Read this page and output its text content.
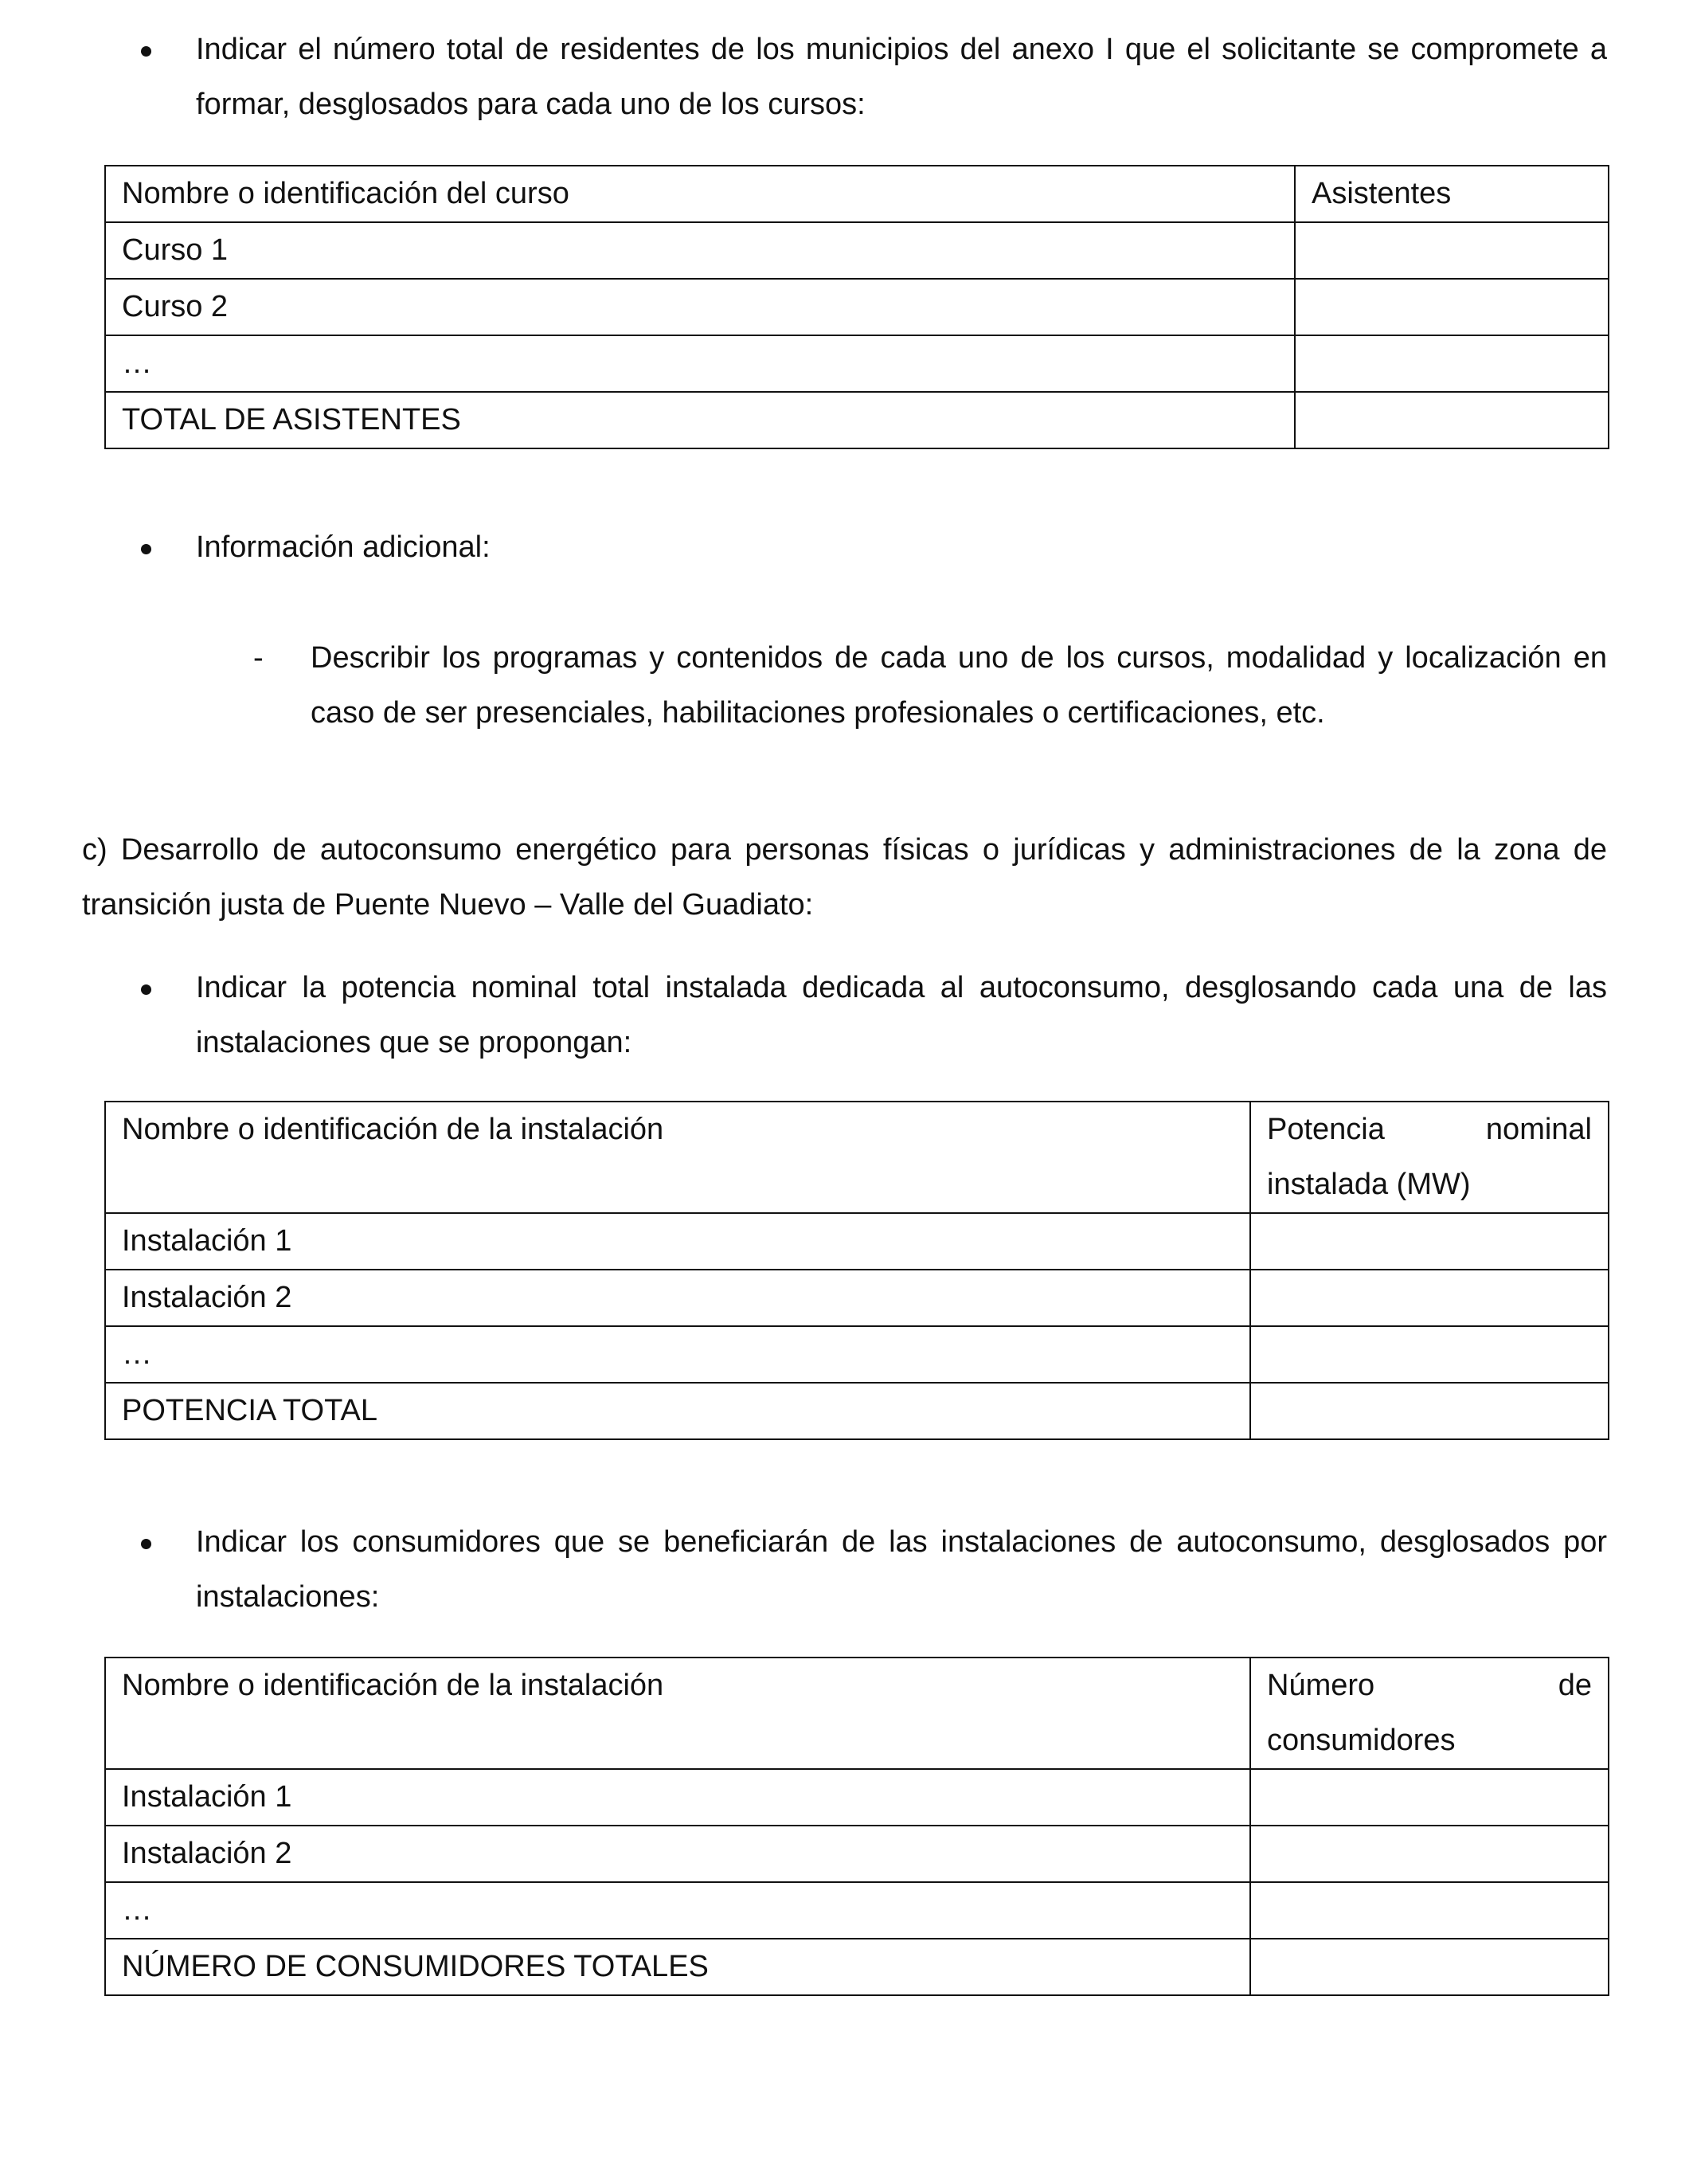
Indicar el número total de residentes de los municipios del anexo I que el solicitante se compromete a formar, desglosados para cada uno de los cursos:
Nombre o identificación del curso	Asistentes
Curso 1	
Curso 2	
…	
TOTAL DE ASISTENTES	
Información adicional:
- Describir los programas y contenidos de cada uno de los cursos, modalidad y localización en caso de ser presenciales, habilitaciones profesionales o certificaciones, etc.
c) Desarrollo de autoconsumo energético para personas físicas o jurídicas y administraciones de la zona de transición justa de Puente Nuevo – Valle del Guadiato:
Indicar la potencia nominal total instalada dedicada al autoconsumo, desglosando cada una de las instalaciones que se propongan:
Nombre o identificación de la instalación	Potencia nominal instalada (MW)
Instalación 1	
Instalación 2	
…	
POTENCIA TOTAL	
Indicar los consumidores que se beneficiarán de las instalaciones de autoconsumo, desglosados por instalaciones:
Nombre o identificación de la instalación	Número de consumidores
Instalación 1	
Instalación 2	
…	
NÚMERO DE CONSUMIDORES TOTALES	
